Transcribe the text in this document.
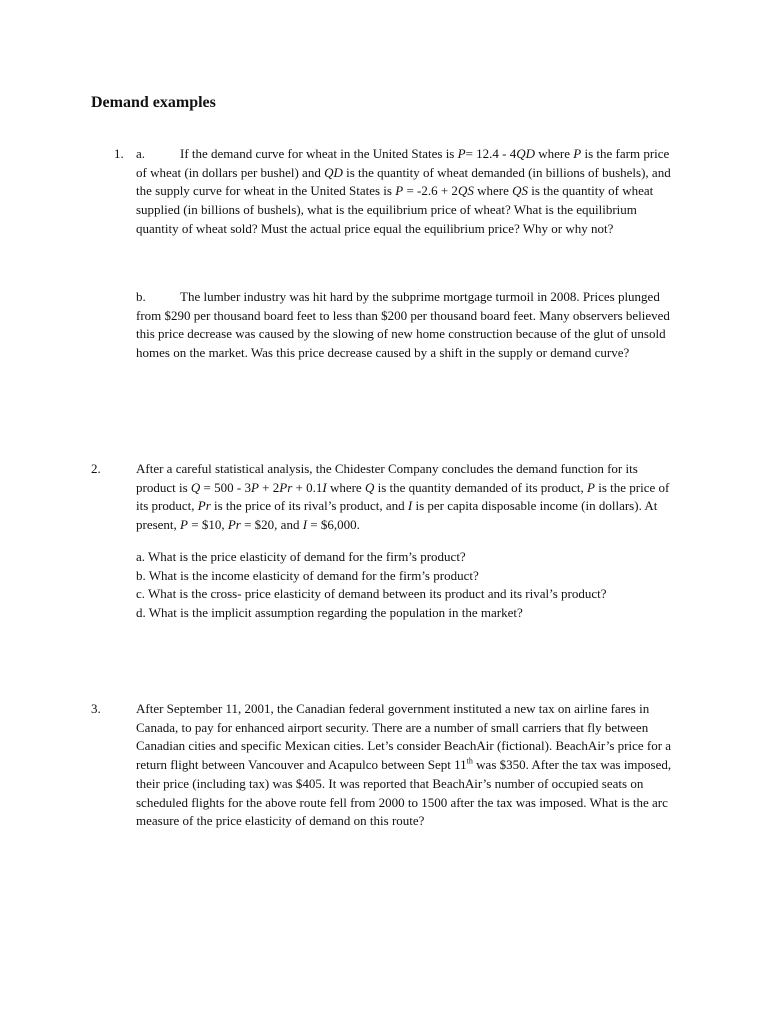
Demand examples
1. a.	If the demand curve for wheat in the United States is P= 12.4 - 4QD where P is the farm price of wheat (in dollars per bushel) and QD is the quantity of wheat demanded (in billions of bushels), and the supply curve for wheat in the United States is P = -2.6 + 2QS where QS is the quantity of wheat supplied (in billions of bushels), what is the equilibrium price of wheat? What is the equilibrium quantity of wheat sold? Must the actual price equal the equilibrium price? Why or why not?

b.	The lumber industry was hit hard by the subprime mortgage turmoil in 2008. Prices plunged from $290 per thousand board feet to less than $200 per thousand board feet. Many observers believed this price decrease was caused by the slowing of new home construction because of the glut of unsold homes on the market. Was this price decrease caused by a shift in the supply or demand curve?

2.	After a careful statistical analysis, the Chidester Company concludes the demand function for its product is Q = 500 - 3P + 2Pr + 0.1I where Q is the quantity demanded of its product, P is the price of its product, Pr is the price of its rival’s product, and I is per capita disposable income (in dollars). At present, P = $10, Pr = $20, and I = $6,000.

a. What is the price elasticity of demand for the firm’s product?
b. What is the income elasticity of demand for the firm’s product?
c. What is the cross- price elasticity of demand between its product and its rival’s product?
d. What is the implicit assumption regarding the population in the market?
3.	After September 11, 2001, the Canadian federal government instituted a new tax on airline fares in Canada, to pay for enhanced airport security. There are a number of small carriers that fly between Canadian cities and specific Mexican cities. Let’s consider BeachAir (fictional). BeachAir’s price for a return flight between Vancouver and Acapulco between Sept 11th was $350. After the tax was imposed, their price (including tax) was $405. It was reported that BeachAir’s number of occupied seats on scheduled flights for the above route fell from 2000 to 1500 after the tax was imposed. What is the arc measure of the price elasticity of demand on this route?
